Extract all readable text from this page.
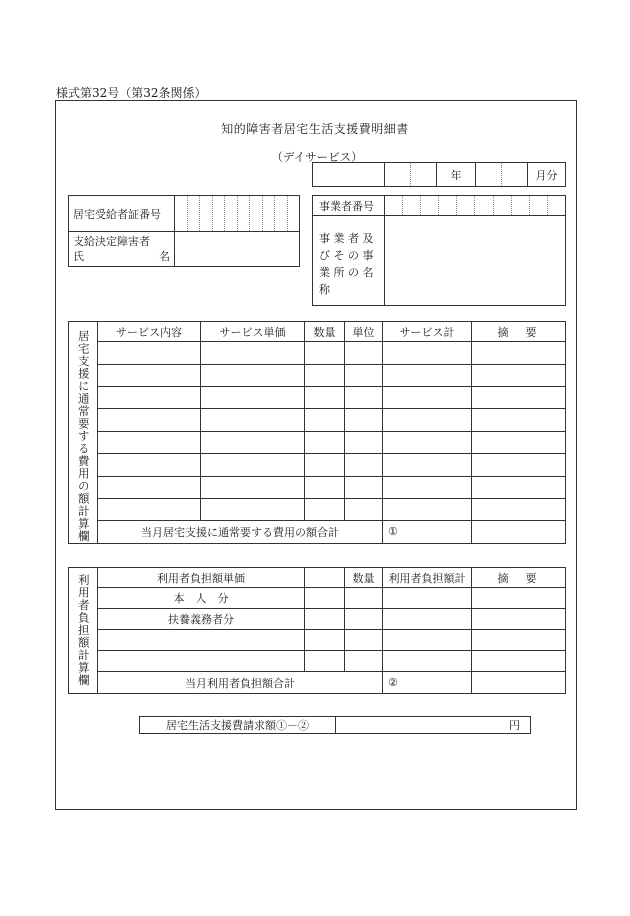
様式第32号（第32条関係）
知的障害者居宅生活支援費明細書
（デイサービス）
			年			月分
居宅受給者証番号	

支給決定障害者
氏 名	

事業者番号	

事 業 者 及
び そ の 事
業 所 の 名
称	

居宅支援に通常要する費用の額計算欄	サービス内容	サービス単価	数量	単位	サービス計	摘　要

	当月居宅支援に通常要する費用の額合計				①	
利用者負担額計算欄	利用者負担額単価		数量	利用者負担額計	摘　要
	本　人　分				
	扶養義務者分				

	当月利用者負担額合計			②	
居宅生活支援費請求額①－②	円
